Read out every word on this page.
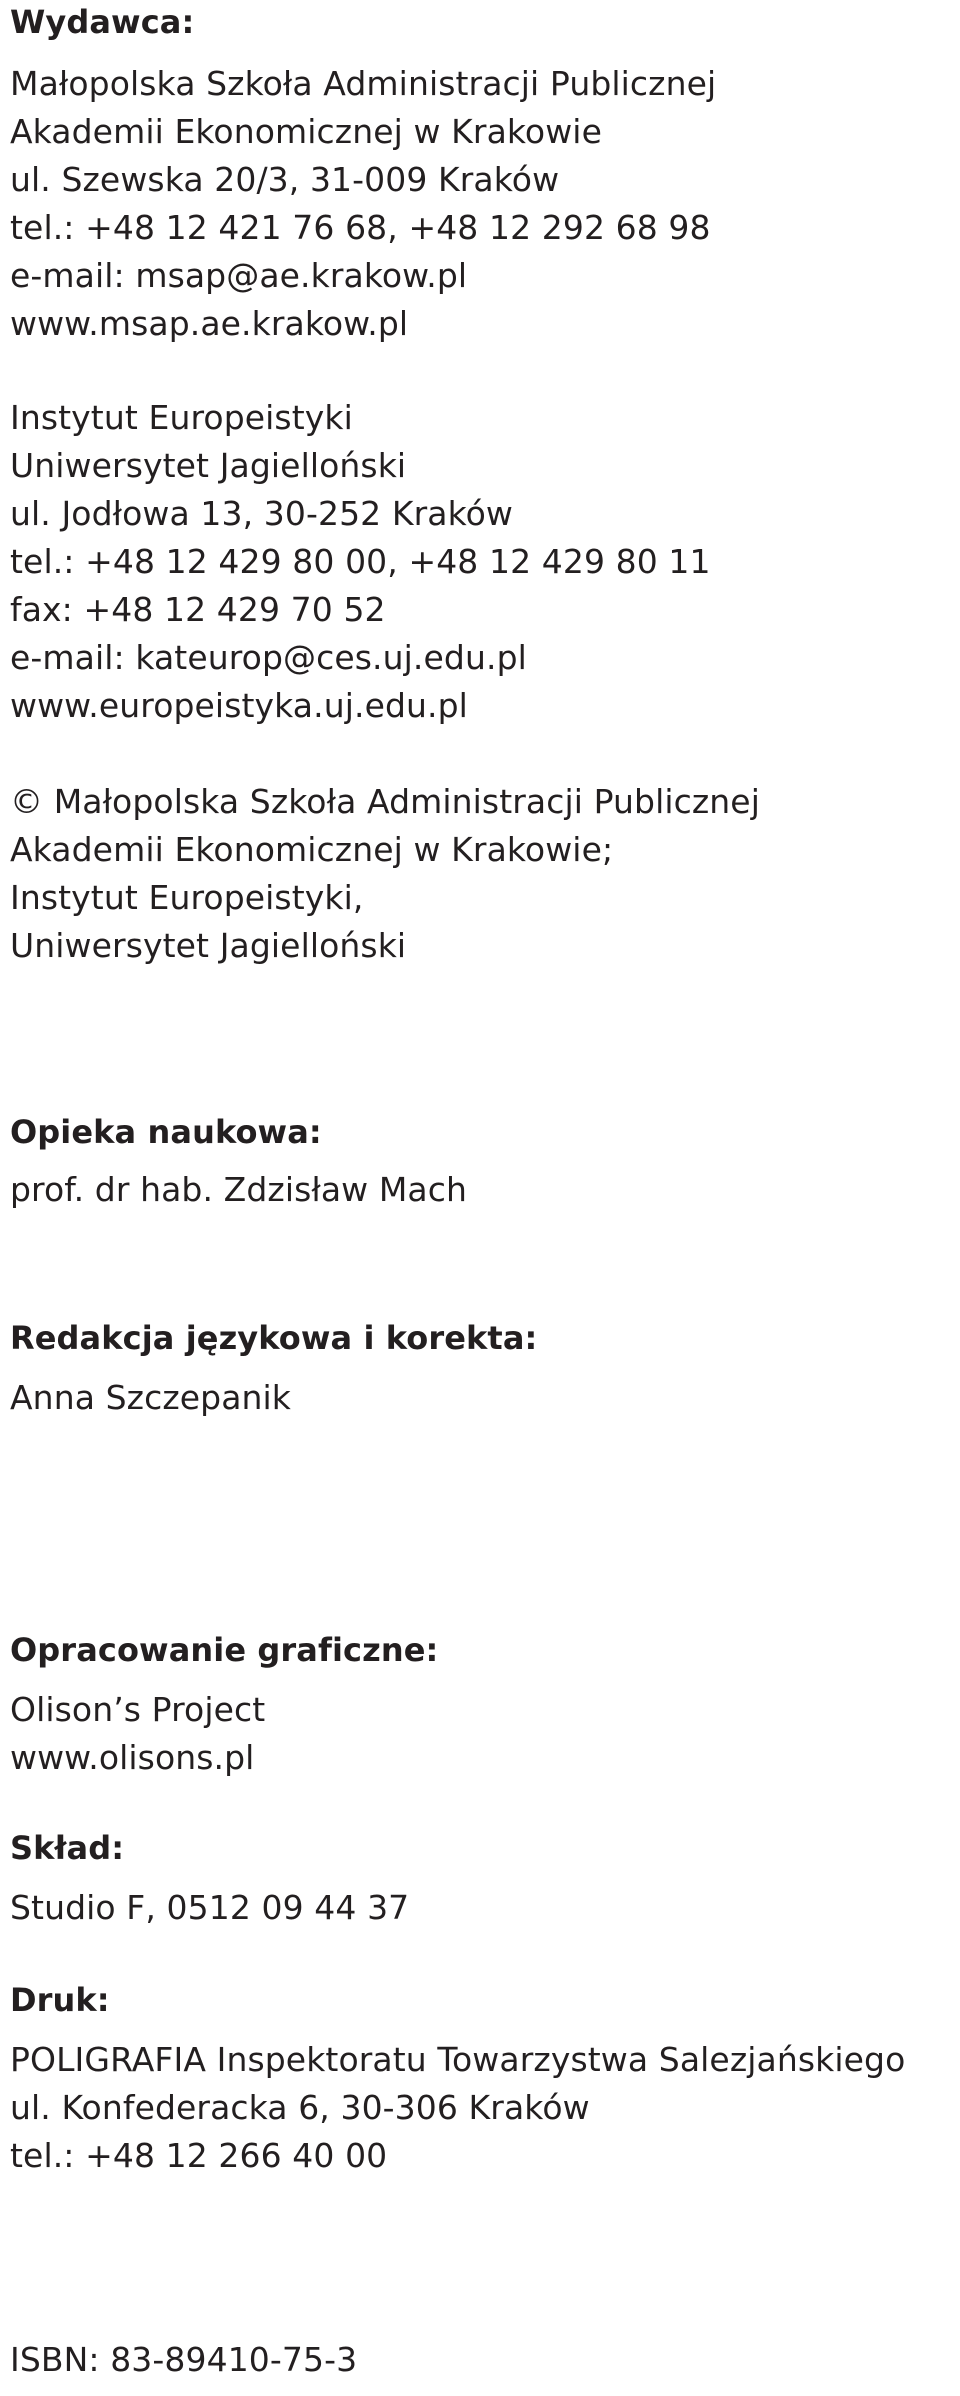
Wydawca:
Małopolska Szkoła Administracji Publicznej
Akademii Ekonomicznej w Krakowie
ul. Szewska 20/3, 31-009 Kraków
tel.: +48 12 421 76 68, +48 12 292 68 98
e-mail: msap@ae.krakow.pl
www.msap.ae.krakow.pl
Instytut Europeistyki
Uniwersytet Jagielloński
ul. Jodłowa 13, 30-252 Kraków
tel.: +48 12 429 80 00, +48 12 429 80 11
fax: +48 12 429 70 52
e-mail: kateurop@ces.uj.edu.pl
www.europeistyka.uj.edu.pl
© Małopolska Szkoła Administracji Publicznej
Akademii Ekonomicznej w Krakowie;
Instytut Europeistyki,
Uniwersytet Jagielloński
Opieka naukowa:
prof. dr hab. Zdzisław Mach
Redakcja językowa i korekta:
Anna Szczepanik
Opracowanie graficzne:
Olison’s Project
www.olisons.pl
Skład:
Studio F, 0512 09 44 37
Druk:
POLIGRAFIA Inspektoratu Towarzystwa Salezjańskiego
ul. Konfederacka 6, 30-306 Kraków
tel.: +48 12 266 40 00
ISBN: 83-89410-75-3
